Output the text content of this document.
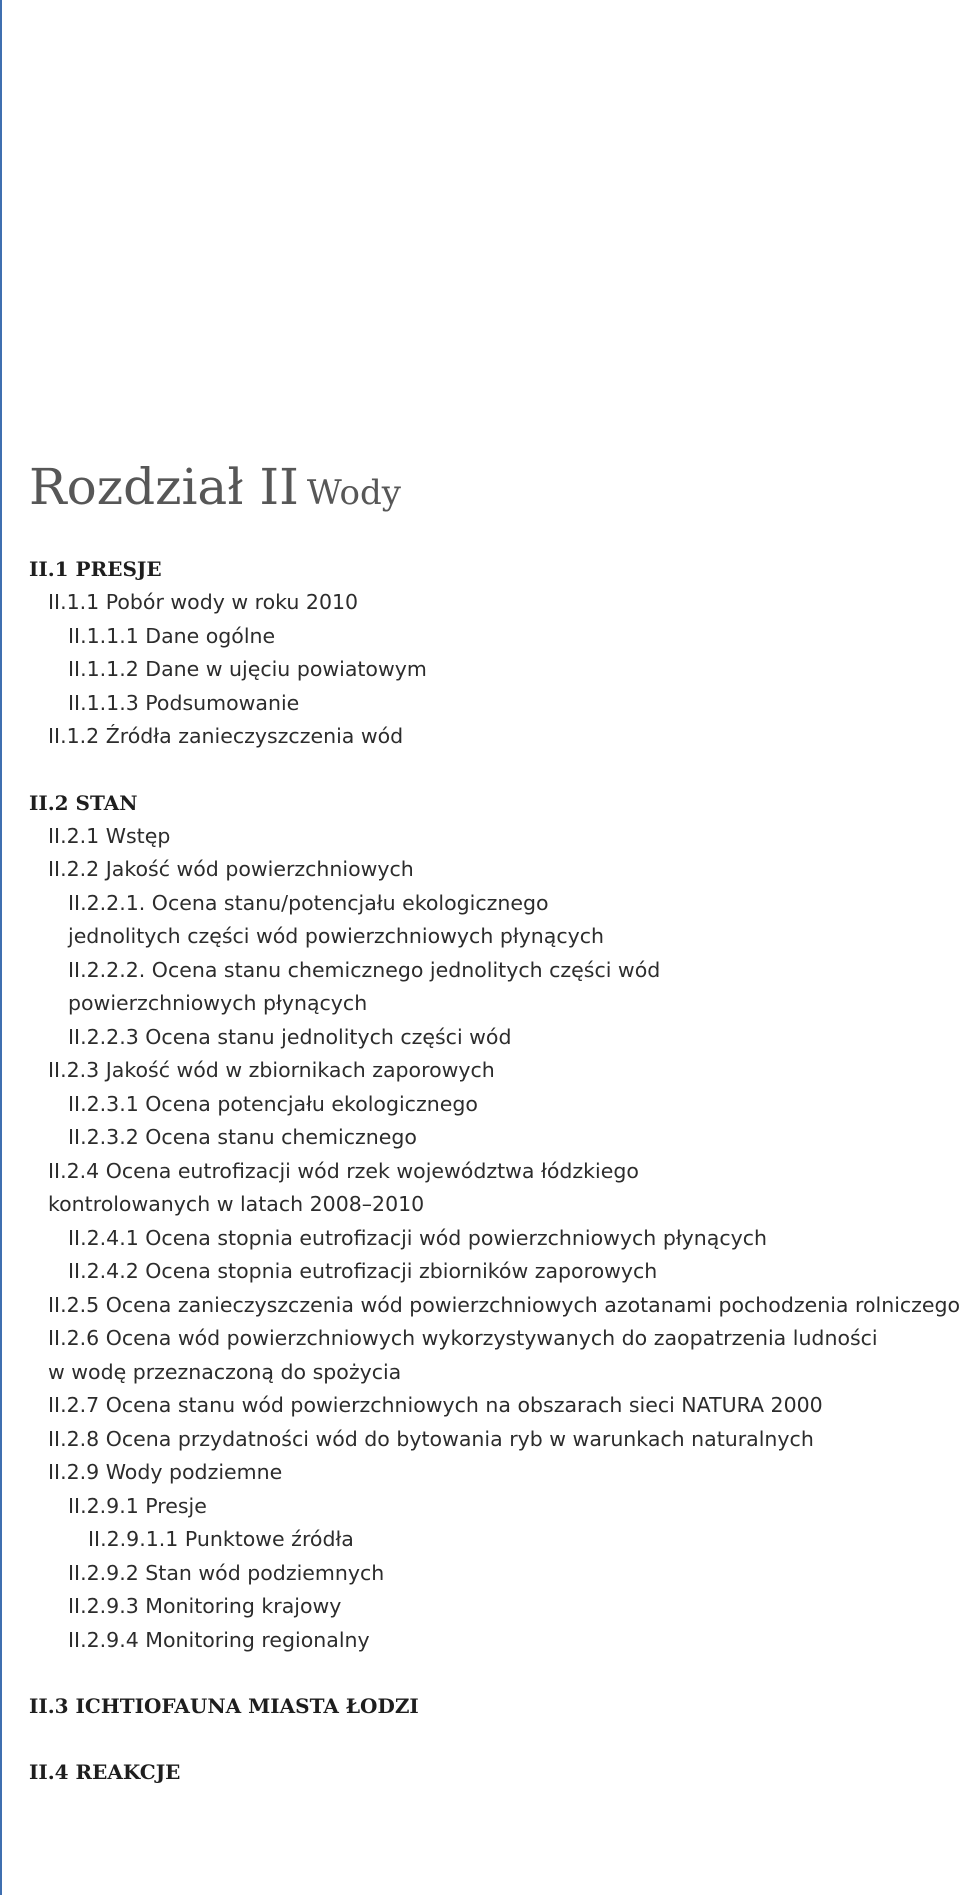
Rozdział II Wody
II.1 PRESJE
II.1.1 Pobór wody w roku 2010
II.1.1.1 Dane ogólne
II.1.1.2 Dane w ujęciu powiatowym
II.1.1.3 Podsumowanie
II.1.2 Źródła zanieczyszczenia wód
II.2 STAN
II.2.1 Wstęp
II.2.2 Jakość wód powierzchniowych
II.2.2.1. Ocena stanu/potencjału ekologicznego
jednolitych części wód powierzchniowych płynących
II.2.2.2. Ocena stanu chemicznego jednolitych części wód
powierzchniowych płynących
II.2.2.3 Ocena stanu jednolitych części wód
II.2.3 Jakość wód w zbiornikach zaporowych
II.2.3.1 Ocena potencjału ekologicznego
II.2.3.2 Ocena stanu chemicznego
II.2.4 Ocena eutrofizacji wód rzek województwa łódzkiego
kontrolowanych w latach 2008–2010
II.2.4.1 Ocena stopnia eutrofizacji wód powierzchniowych płynących
II.2.4.2 Ocena stopnia eutrofizacji zbiorników zaporowych
II.2.5 Ocena zanieczyszczenia wód powierzchniowych azotanami pochodzenia rolniczego
II.2.6 Ocena wód powierzchniowych wykorzystywanych do zaopatrzenia ludności
w wodę przeznaczoną do spożycia
II.2.7 Ocena stanu wód powierzchniowych na obszarach sieci NATURA 2000
II.2.8 Ocena przydatności wód do bytowania ryb w warunkach naturalnych
II.2.9 Wody podziemne
II.2.9.1 Presje
II.2.9.1.1 Punktowe źródła
II.2.9.2 Stan wód podziemnych
II.2.9.3 Monitoring krajowy
II.2.9.4 Monitoring regionalny
II.3 ICHTIOFAUNA MIASTA ŁODZI
II.4 REAKCJE
